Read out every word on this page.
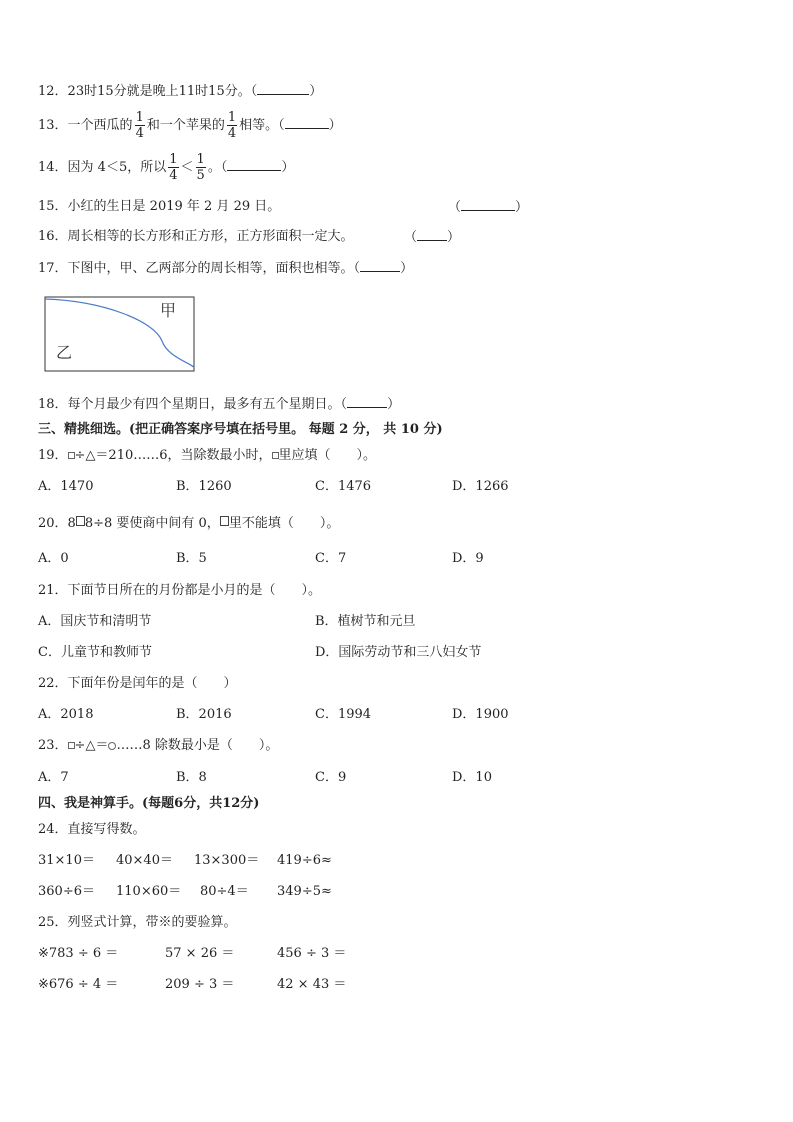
12．23时15分就是晚上11时15分。（	）
13．一个西瓜的 $\frac{1}{4}$ 和一个苹果的 $\frac{1}{4}$ 相等。（	）
14．因为 4＜5，所以 $\frac{1}{4} < \frac{1}{5}$ 。（	）
15．小红的生日是 2019 年 2 月 29 日。	（	）
16．周长相等的长方形和正方形，正方形面积一定大。	（ ）
17．下图中，甲、乙两部分的周长相等，面积也相等。（	）
甲
乙
18．每个月最少有四个星期日，最多有五个星期日。（	）
三、精挑细选。(把正确答案序号填在括号里。 每题 2 分， 共 10 分)
19． ÷△＝210……6，当除数最小时， 里应填（　　）。
A．1470	B．1260	C．1476	D．1266
20．8 8÷8 要使商中间有 0， 里不能填（　　）。
A．0	B．5	C．7	D．9
21．下面节日所在的月份都是小月的是（　　）。
A．国庆节和清明节	B．植树节和元旦
C．儿童节和教师节	D．国际劳动节和三八妇女节
22．下面年份是闰年的是（　　）
A．2018	B．2016	C．1994	D．1900
23． ÷△＝ ……8 除数最小是（　　）。
A．7	B．8	C．9	D．10
四、我是神算手。(每题6分，共12分)
24．直接写得数。
31×10＝ 40×40＝ 13×300＝ 419÷6≈
360÷6＝ 110×60＝ 80÷4＝ 349÷5≈
25．列竖式计算，带※的要验算。
※783 ÷ 6 ＝	57 × 26 ＝	456 ÷ 3 ＝
※676 ÷ 4 ＝	209 ÷ 3 ＝	42 × 43 ＝
